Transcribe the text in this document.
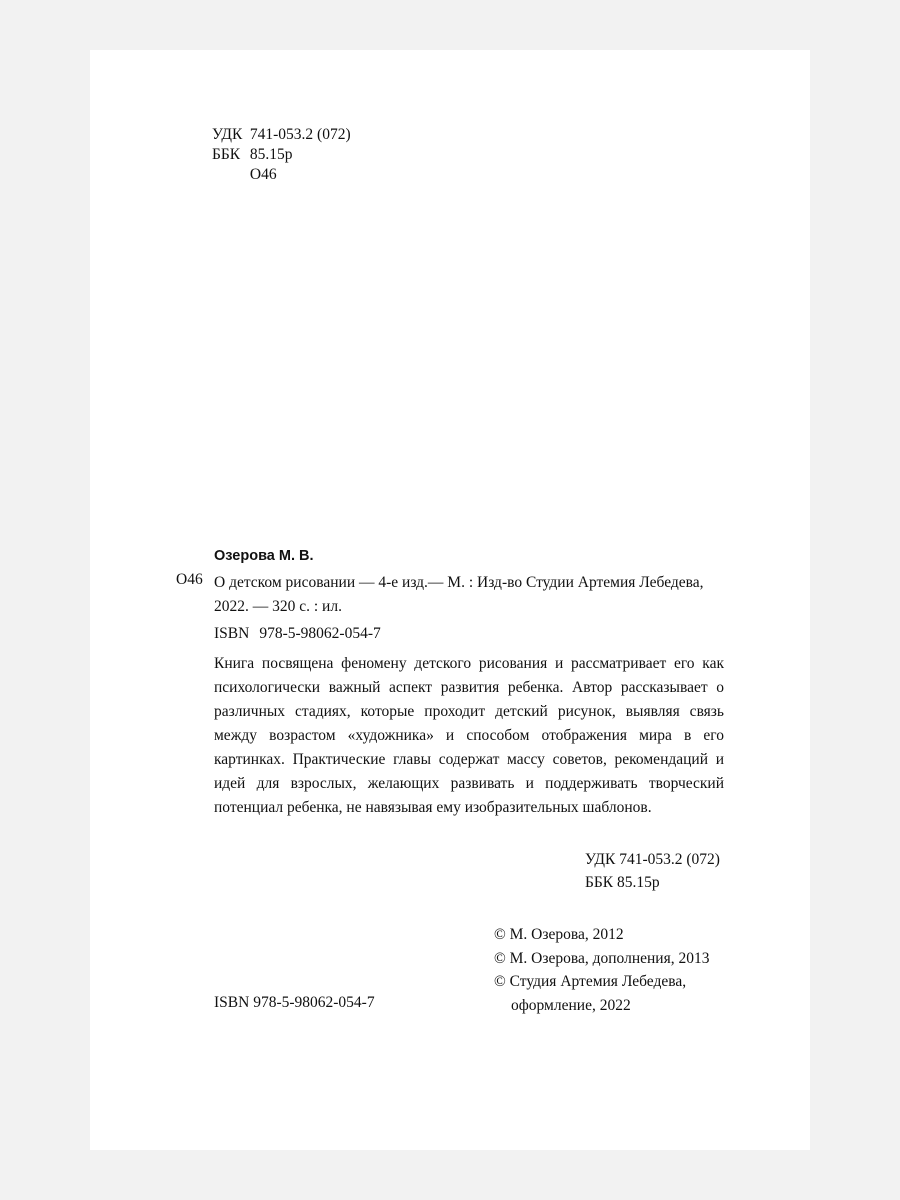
УДК 741-053.2 (072)
ББК 85.15р
О46
Озерова М. В.
О46 О детском рисовании — 4-е изд.— М. : Изд-во Студии Артемия Лебедева,
2022. — 320 с. : ил.
ISBN 978-5-98062-054-7
Книга посвящена феномену детского рисования и рассматривает его как психологически важный аспект развития ребенка. Автор рассказывает о различных стадиях, которые проходит детский рисунок, выявляя связь между возрастом «художника» и способом отображения мира в его картинках. Практические главы содержат массу советов, рекомендаций и идей для взрослых, желающих развивать и поддерживать творческий потенциал ребенка, не навязывая ему изобразительных шаблонов.
УДК 741-053.2 (072)
ББК 85.15р
© М. Озерова, 2012
© М. Озерова, дополнения, 2013
© Студия Артемия Лебедева,
оформление, 2022
ISBN 978-5-98062-054-7
